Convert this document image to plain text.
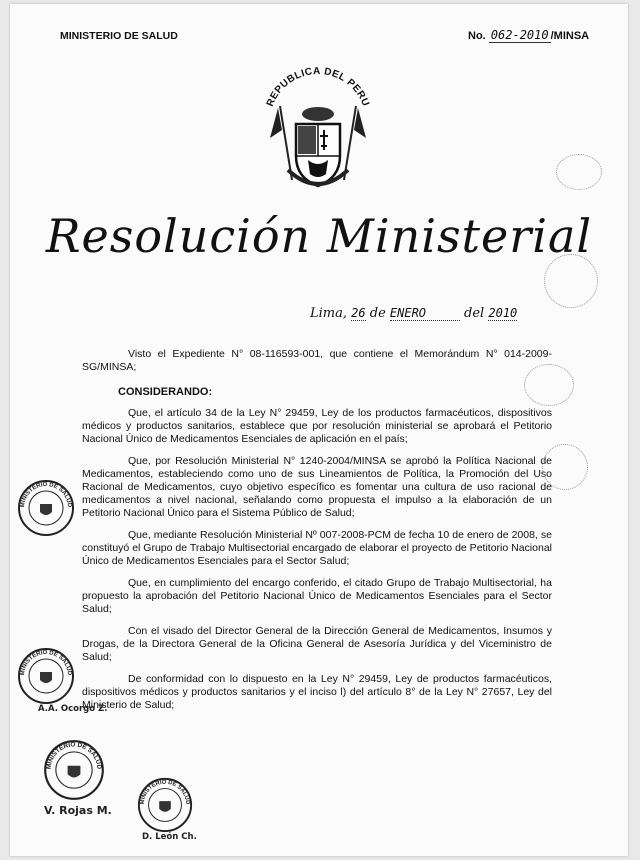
MINISTERIO DE SALUD	No. 062-2010 /MINSA
REPUBLICA DEL PERU
Resolución Ministerial
Lima, 26 de ENERO	del 2010

Visto el Expediente N° 08-116593-001, que contiene el Memorándum N° 014-2009-SG/MINSA;

CONSIDERANDO:

Que, el artículo 34 de la Ley N° 29459, Ley de los productos farmacéuticos, dispositivos médicos y productos sanitarios, establece que por resolución ministerial se aprobará el Petitorio Nacional Único de Medicamentos Esenciales de aplicación en el país;

Que, por Resolución Ministerial N° 1240-2004/MINSA se aprobó la Política Nacional de Medicamentos, estableciendo como uno de sus Lineamientos de Política, la Promoción del Uso Racional de Medicamentos, cuyo objetivo específico es fomentar una cultura de uso racional de medicamentos a nivel nacional, señalando como propuesta el impulso a la elaboración de un Petitorio Nacional Único para el Sistema Público de Salud;

Que, mediante Resolución Ministerial Nº 007-2008-PCM de fecha 10 de enero de 2008, se constituyó el Grupo de Trabajo Multisectorial encargado de elaborar el proyecto de Petitorio Nacional Único de Medicamentos Esenciales para el Sector Salud;

Que, en cumplimiento del encargo conferido, el citado Grupo de Trabajo Multisectorial, ha propuesto la aprobación del Petitorio Nacional Único de Medicamentos Esenciales para el Sector Salud;

Con el visado del Director General de la Dirección General de Medicamentos, Insumos y Drogas, de la Directora General de la Oficina General de Asesoría Jurídica y del Viceministro de Salud;

De conformidad con lo dispuesto en la Ley N° 29459, Ley de productos farmacéuticos, dispositivos médicos y productos sanitarios y el inciso l) del artículo 8° de la Ley N° 27657, Ley del Ministerio de Salud;

MINISTERIO DE SALUD
MINISTERIO DE SALUD
A.A. Ocorgo Z.
MINISTERIO DE SALUD
V. Rojas M.
MINISTERIO DE SALUD
D. León Ch.
